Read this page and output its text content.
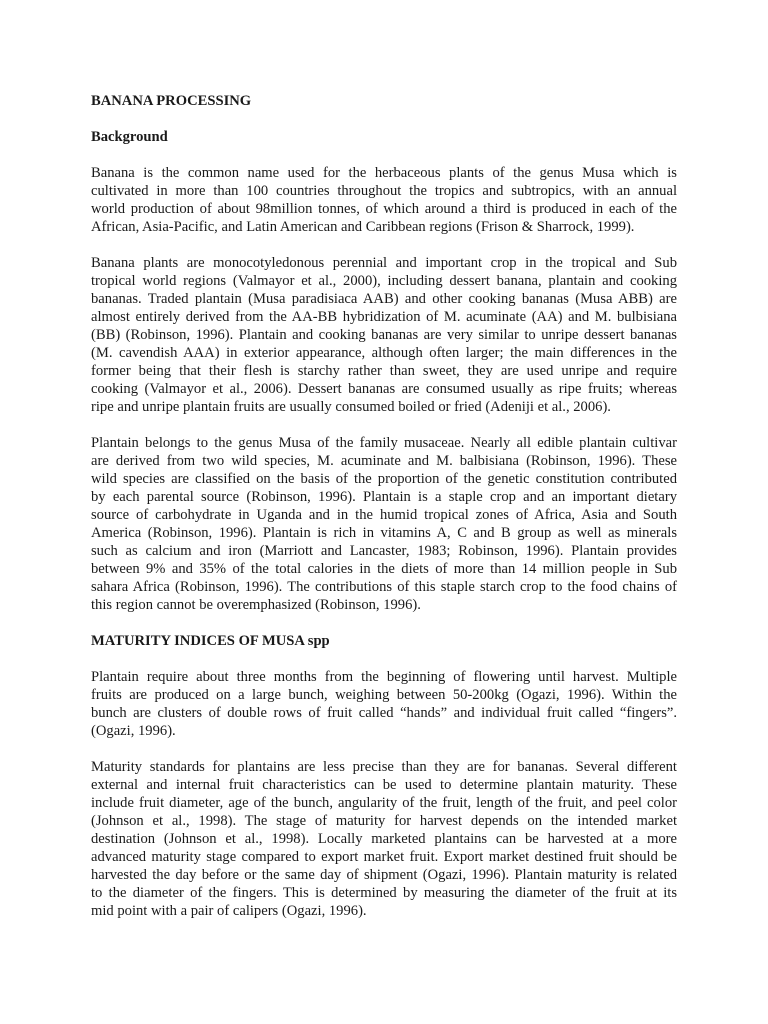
BANANA PROCESSING
Background
Banana is the common name used for the herbaceous plants of the genus Musa which is
cultivated in more than 100 countries throughout the tropics and subtropics, with an annual
world production of about 98million tonnes, of which around a third is produced in each of the
African, Asia-Pacific, and Latin American and Caribbean regions (Frison & Sharrock, 1999).
Banana plants are monocotyledonous perennial and important crop in the tropical and Sub
tropical world regions (Valmayor et al., 2000), including dessert banana, plantain and cooking
bananas. Traded plantain (Musa paradisiaca AAB) and other cooking bananas (Musa ABB) are
almost entirely derived from the AA-BB hybridization of M. acuminate (AA) and M. bulbisiana
(BB) (Robinson, 1996). Plantain and cooking bananas are very similar to unripe dessert bananas
(M. cavendish AAA) in exterior appearance, although often larger; the main differences in the
former being that their flesh is starchy rather than sweet, they are used unripe and require
cooking (Valmayor et al., 2006). Dessert bananas are consumed usually as ripe fruits; whereas
ripe and unripe plantain fruits are usually consumed boiled or fried (Adeniji et al., 2006).
Plantain belongs to the genus Musa of the family musaceae. Nearly all edible plantain cultivar
are derived from two wild species, M. acuminate and M. balbisiana (Robinson, 1996). These
wild species are classified on the basis of the proportion of the genetic constitution contributed
by each parental source (Robinson, 1996). Plantain is a staple crop and an important dietary
source of carbohydrate in Uganda and in the humid tropical zones of Africa, Asia and South
America (Robinson, 1996). Plantain is rich in vitamins A, C and B group as well as minerals
such as calcium and iron (Marriott and Lancaster, 1983; Robinson, 1996). Plantain provides
between 9% and 35% of the total calories in the diets of more than 14 million people in Sub
sahara Africa (Robinson, 1996). The contributions of this staple starch crop to the food chains of
this region cannot be overemphasized (Robinson, 1996).
MATURITY INDICES OF MUSA spp
Plantain require about three months from the beginning of flowering until harvest. Multiple
fruits are produced on a large bunch, weighing between 50-200kg (Ogazi, 1996). Within the
bunch are clusters of double rows of fruit called “hands” and individual fruit called “fingers”.
(Ogazi, 1996).
Maturity standards for plantains are less precise than they are for bananas. Several different
external and internal fruit characteristics can be used to determine plantain maturity. These
include fruit diameter, age of the bunch, angularity of the fruit, length of the fruit, and peel color
(Johnson et al., 1998). The stage of maturity for harvest depends on the intended market
destination (Johnson et al., 1998). Locally marketed plantains can be harvested at a more
advanced maturity stage compared to export market fruit. Export market destined fruit should be
harvested the day before or the same day of shipment (Ogazi, 1996). Plantain maturity is related
to the diameter of the fingers. This is determined by measuring the diameter of the fruit at its
mid point with a pair of calipers (Ogazi, 1996).
